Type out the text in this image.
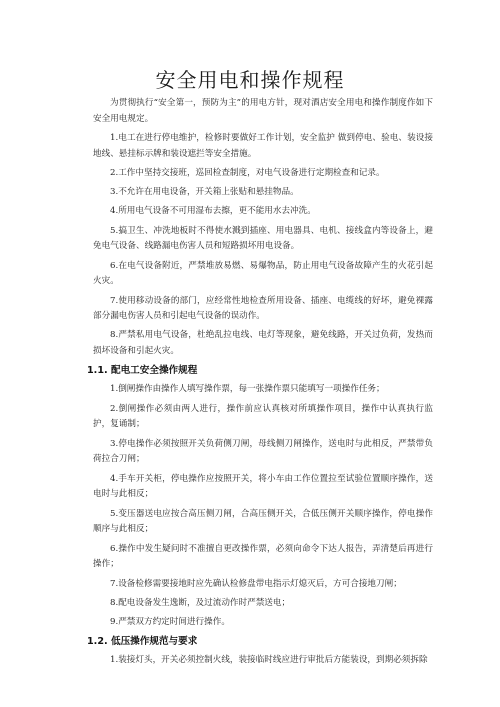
安全用电和操作规程

为贯彻执行“安全第一，预防为主”的用电方针，现对酒店安全用电和操作制度作如下安全用电规定。

1.电工在进行停电维护，检修时要做好工作计划，安全监护 做到停电、验电、装设接地线、悬挂标示牌和装设遮拦等安全措施。

2.工作中坚持交接班，巡回检查制度，对电气设备进行定期检查和记录。

3.不允许在用电设备，开关箱上张贴和悬挂物品。

4.所用电气设备不可用湿布去擦，更不能用水去冲洗。

5.搞卫生、冲洗地板时不得使水溅到插座、用电器具、电机、接线盒内等设备上，避免电气设备、线路漏电伤害人员和短路损坏用电设备。

6.在电气设备附近，严禁堆放易燃、易爆物品，防止用电气设备故障产生的火花引起火灾。

7.使用移动设备的部门，应经常性地检查所用设备、插座、电缆线的好坏，避免裸露部分漏电伤害人员和引起电气设备的误动作。

8.严禁私用电气设备，杜绝乱拉电线、电灯等现象，避免线路，开关过负荷，发热而损坏设备和引起火灾。

1.1. 配电工安全操作规程

1.倒闸操作由操作人填写操作票，每一张操作票只能填写一项操作任务；

2.倒闸操作必须由两人进行，操作前应认真核对所填操作项目，操作中认真执行监护，复诵制；

3.停电操作必须按照开关负荷侧刀闸，母线侧刀闸操作，送电时与此相反，严禁带负荷拉合刀闸；

4.手车开关柜，停电操作应按照开关，将小车由工作位置拉至试验位置顺序操作，送电时与此相反；

5.变压器送电应按合高压侧刀闸，合高压侧开关，合低压侧开关顺序操作，停电操作顺序与此相反；

6.操作中发生疑问时不准擅自更改操作票，必须向命令下达人报告，弄清楚后再进行操作；

7.设备检修需要接地时应先确认检修盘带电指示灯熄灭后，方可合接地刀闸；

8.配电设备发生逸断，及过流动作时严禁送电；

9.严禁双方约定时间进行操作。

1.2. 低压操作规范与要求

1.装接灯头，开关必须控制火线，装接临时线应进行审批后方能装设，到期必须拆除
